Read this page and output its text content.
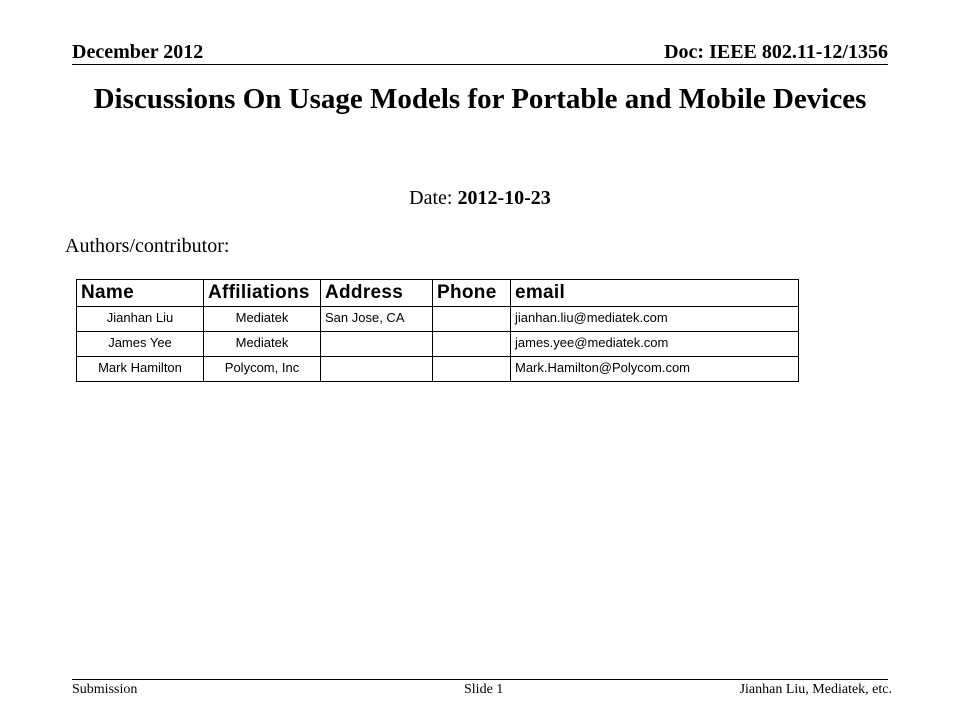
December 2012	Doc: IEEE 802.11-12/1356
Discussions On Usage Models for Portable and Mobile Devices
Date: 2012-10-23
Authors/contributor:
Name	Affiliations	Address	Phone	email
Jianhan Liu	Mediatek	San Jose, CA		jianhan.liu@mediatek.com
James Yee	Mediatek			james.yee@mediatek.com
Mark Hamilton	Polycom, Inc			Mark.Hamilton@Polycom.com
Submission	Slide 1	Jianhan Liu, Mediatek, etc.
